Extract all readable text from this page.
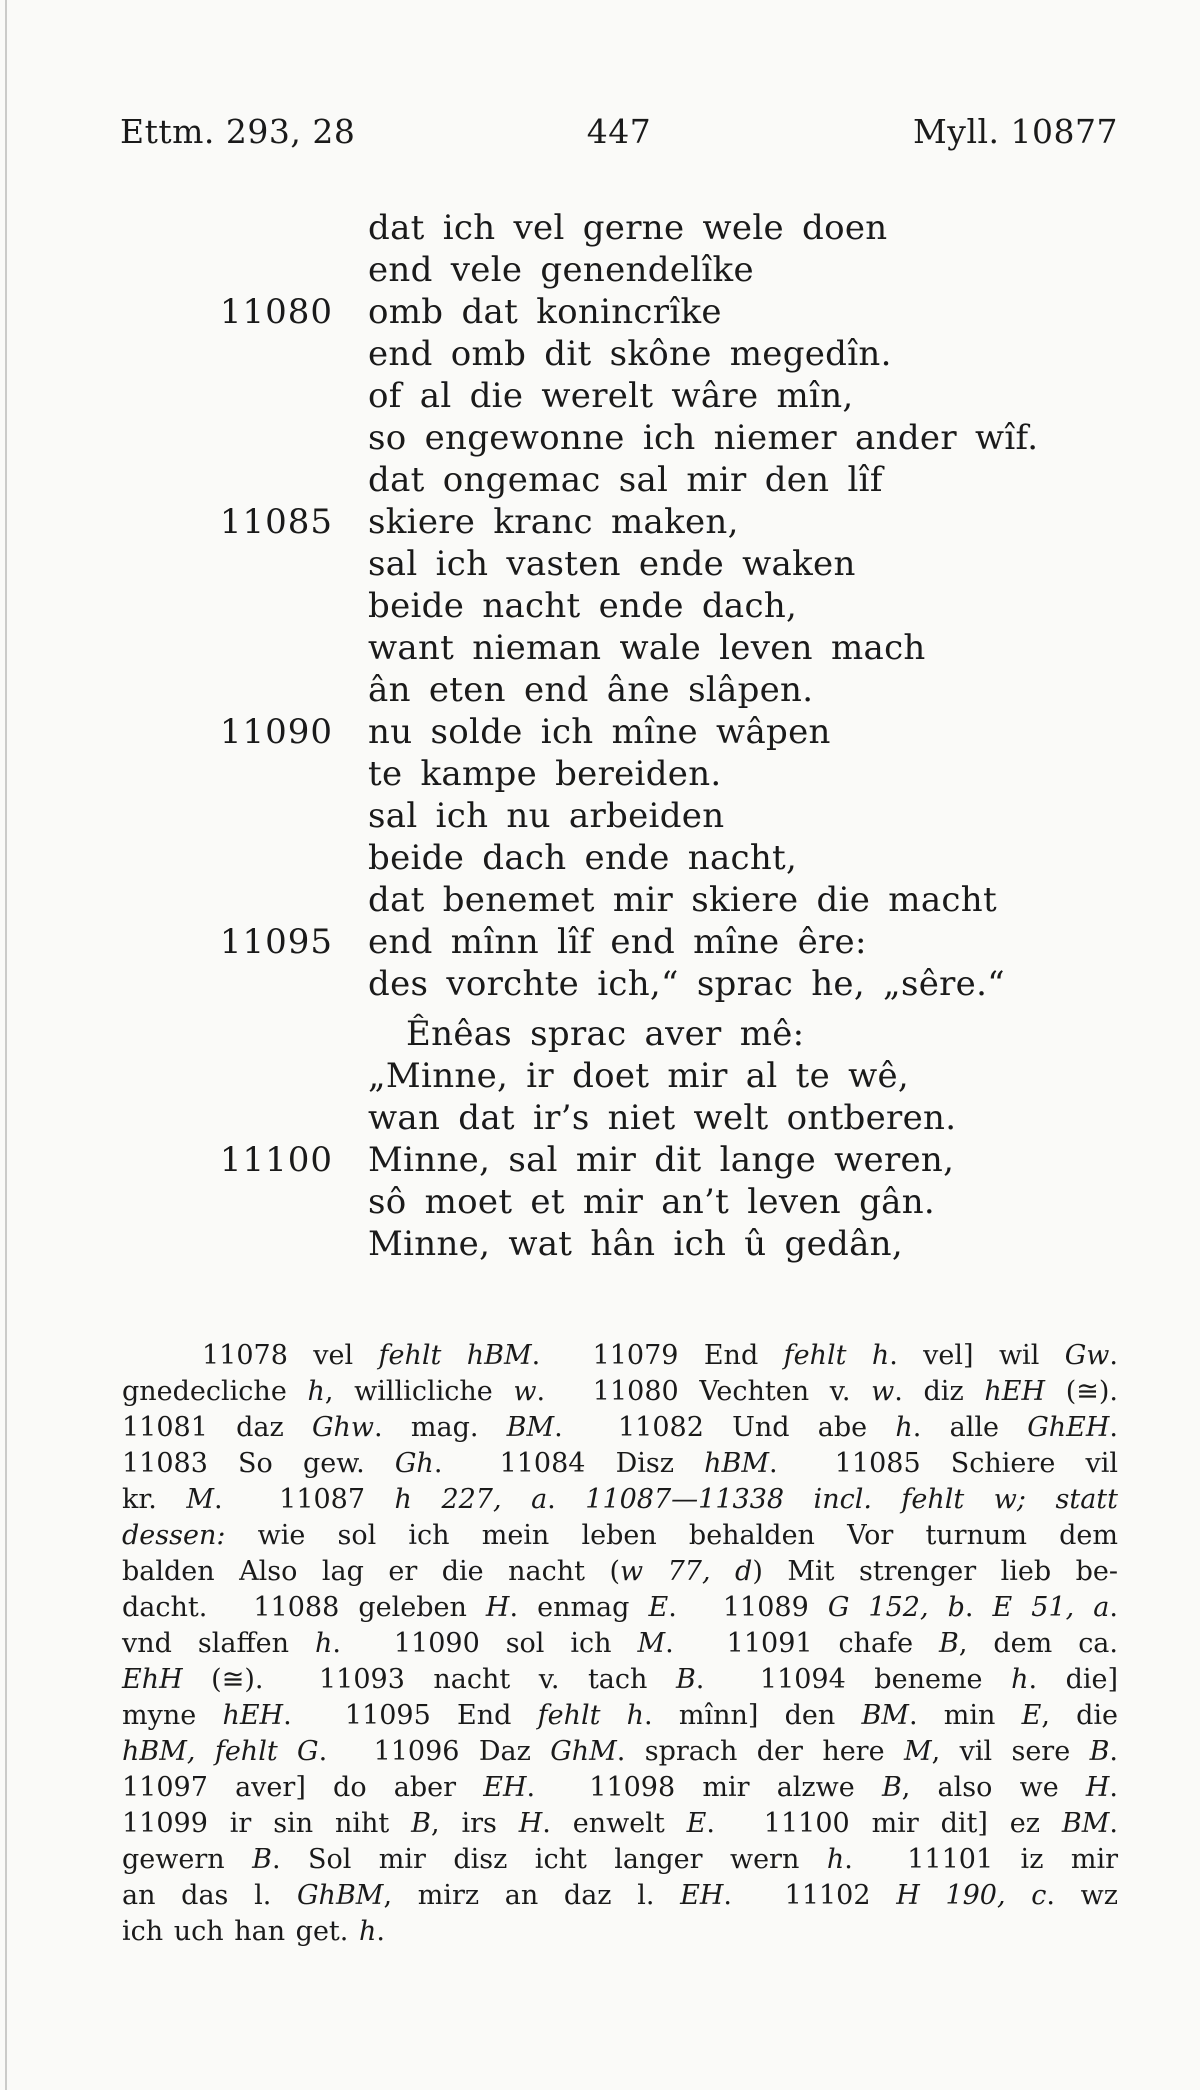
Ettm. 293, 28	447	Myll. 10877
dat ich vel gerne wele doen
end vele genendelîke
11080 omb dat konincrîke
end omb dit skône megedîn.
of al die werelt wâre mîn,
so engewonne ich niemer ander wîf.
dat ongemac sal mir den lîf
11085 skiere kranc maken,
sal ich vasten ende waken
beide nacht ende dach,
want nieman wale leven mach
ân eten end âne slâpen.
11090 nu solde ich mîne wâpen
te kampe bereiden.
sal ich nu arbeiden
beide dach ende nacht,
dat benemet mir skiere die macht
11095 end mînn lîf end mîne êre:
des vorchte ich,“ sprac he, „sêre.“
Ênêas sprac aver mê:
„Minne, ir doet mir al te wê,
wan dat ir’s niet welt ontberen.
11100 Minne, sal mir dit lange weren,
sô moet et mir an’t leven gân.
Minne, wat hân ich û gedân,
11078 vel fehlt hBM.  11079 End fehlt h. vel] wil Gw.
gnedecliche h, willicliche w.  11080 Vechten v. w. diz hEH (≅).
11081 daz Ghw. mag. BM.  11082 Und abe h. alle GhEH.
11083 So gew. Gh.  11084 Disz hBM.  11085 Schiere vil
kr. M.  11087 h 227, a. 11087—11338 incl. fehlt w; statt
dessen: wie sol ich mein leben behalden Vor turnum dem
balden Also lag er die nacht (w 77, d) Mit strenger lieb be-
dacht.  11088 geleben H. enmag E.  11089 G 152, b. E 51, a.
vnd slaffen h.  11090 sol ich M.  11091 chafe B, dem ca.
EhH (≅).  11093 nacht v. tach B.  11094 beneme h. die]
myne hEH.  11095 End fehlt h. mînn] den BM. min E, die
hBM, fehlt G.  11096 Daz GhM. sprach der here M, vil sere B.
11097 aver] do aber EH.  11098 mir alzwe B, also we H.
11099 ir sin niht B, irs H. enwelt E.  11100 mir dit] ez BM.
gewern B. Sol mir disz icht langer wern h.  11101 iz mir
an das l. GhBM, mirz an daz l. EH.  11102 H 190, c. wz
ich uch han get. h.
